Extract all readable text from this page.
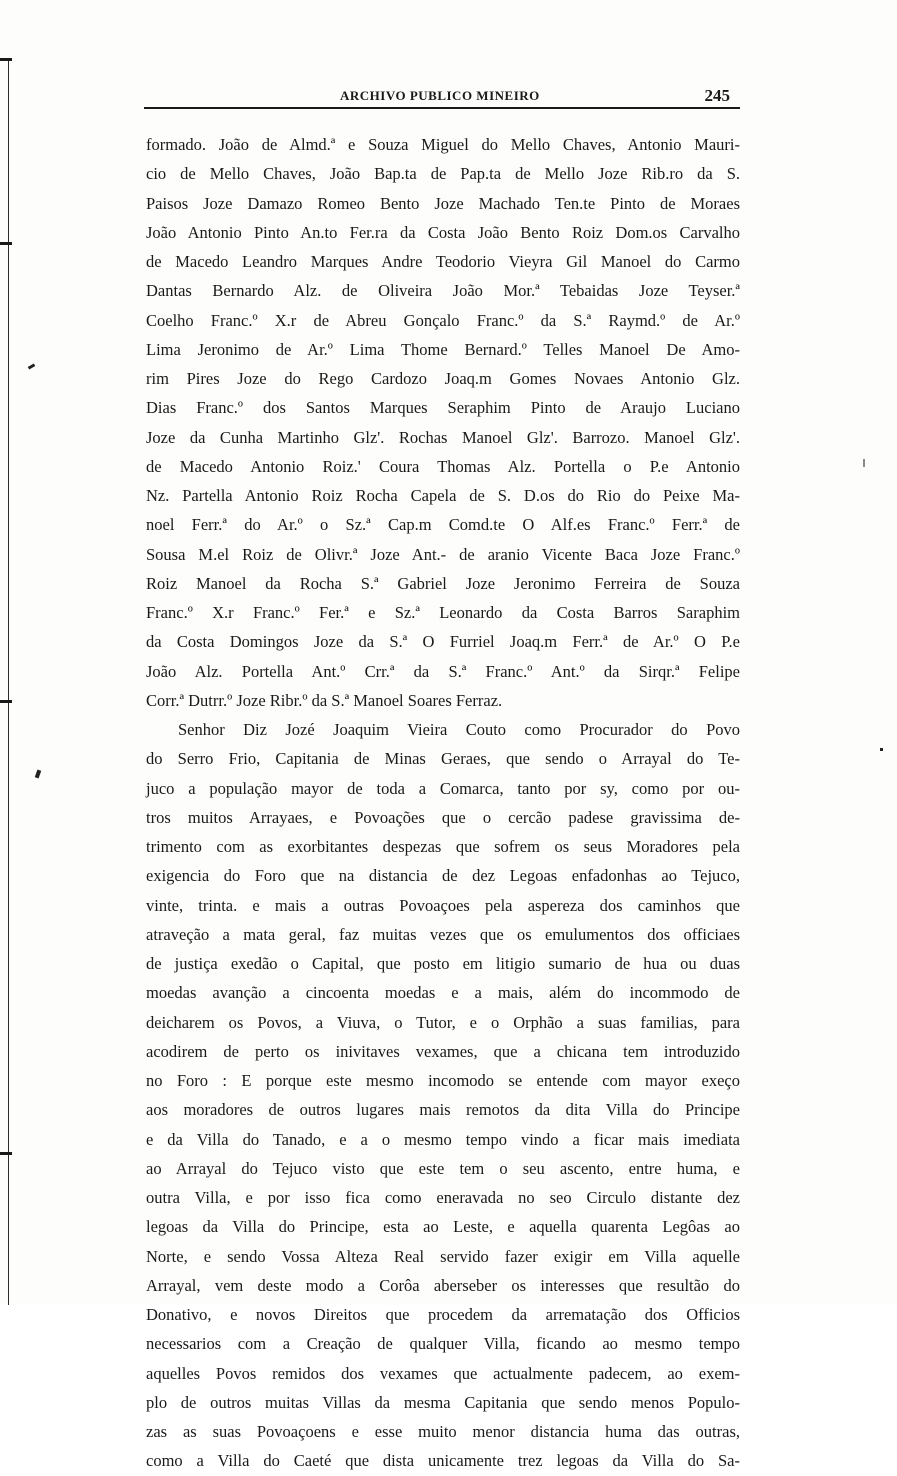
ARCHIVO PUBLICO MINEIRO	245
formado. João de Almd.ª e Souza Miguel do Mello Chaves, Antonio Mauri-
cio de Mello Chaves, João Bap.ta de Pap.ta de Mello Joze Rib.ro da S.
Paisos Joze Damazo Romeo Bento Joze Machado Ten.te Pinto de Moraes
João Antonio Pinto An.to Fer.ra da Costa João Bento Roiz Dom.os Carvalho
de Macedo Leandro Marques Andre Teodorio Vieyra Gil Manoel do Carmo
Dantas Bernardo Alz. de Oliveira João Mor.ª Tebaidas Joze Teyser.ª
Coelho Franc.º X.r de Abreu Gonçalo Franc.º da S.ª Raymd.º de Ar.º
Lima Jeronimo de Ar.º Lima Thome Bernard.º Telles Manoel De Amo-
rim Pires Joze do Rego Cardozo Joaq.m Gomes Novaes Antonio Glz.
Dias Franc.º dos Santos Marques Seraphim Pinto de Araujo Luciano
Joze da Cunha Martinho Glz'. Rochas Manoel Glz'. Barrozo. Manoel Glz'.
de Macedo Antonio Roiz.' Coura Thomas Alz. Portella o P.e Antonio
Nz. Partella Antonio Roiz Rocha Capela de S. D.os do Rio do Peixe Ma-
noel Ferr.ª do Ar.º o Sz.ª Cap.m Comd.te O Alf.es Franc.º Ferr.ª de
Sousa M.el Roiz de Olivr.ª Joze Ant.- de aranio Vicente Baca Joze Franc.º
Roiz Manoel da Rocha S.ª Gabriel Joze Jeronimo Ferreira de Souza
Franc.º X.r Franc.º Fer.ª e Sz.ª Leonardo da Costa Barros Saraphim
da Costa Domingos Joze da S.ª O Furriel Joaq.m Ferr.ª de Ar.º O P.e
João Alz. Portella Ant.º Crr.ª da S.ª Franc.º Ant.º da Sirqr.ª Felipe
Corr.ª Dutrr.º Joze Ribr.º da S.ª Manoel Soares Ferraz.
Senhor Diz Jozé Joaquim Vieira Couto como Procurador do Povo
do Serro Frio, Capitania de Minas Geraes, que sendo o Arrayal do Te-
juco a população mayor de toda a Comarca, tanto por sy, como por ou-
tros muitos Arrayaes, e Povoações que o cercão padese gravissima de-
trimento com as exorbitantes despezas que sofrem os seus Moradores pela
exigencia do Foro que na distancia de dez Legoas enfadonhas ao Tejuco,
vinte, trinta. e mais a outras Povoaçoes pela aspereza dos caminhos que
atraveção a mata geral, faz muitas vezes que os emulumentos dos officiaes
de justiça exedão o Capital, que posto em litigio sumario de hua ou duas
moedas avanção a cincoenta moedas e a mais, além do incommodo de
deicharem os Povos, a Viuva, o Tutor, e o Orphão a suas familias, para
acodirem de perto os inivitaves vexames, que a chicana tem introduzido
no Foro : E porque este mesmo incomodo se entende com mayor exeço
aos moradores de outros lugares mais remotos da dita Villa do Principe
e da Villa do Tanado, e a o mesmo tempo vindo a ficar mais imediata
ao Arrayal do Tejuco visto que este tem o seu ascento, entre huma, e
outra Villa, e por isso fica como eneravada no seo Circulo distante dez
legoas da Villa do Principe, esta ao Leste, e aquella quarenta Legôas ao
Norte, e sendo Vossa Alteza Real servido fazer exigir em Villa aquelle
Arrayal, vem deste modo a Corôa aberseber os interesses que resultão do
Donativo, e novos Direitos que procedem da arrematação dos Officios
necessarios com a Creação de qualquer Villa, ficando ao mesmo tempo
aquelles Povos remidos dos vexames que actualmente padecem, ao exem-
plo de outros muitas Villas da mesma Capitania que sendo menos Populo-
zas as suas Povoaçoens e esse muito menor distancia huma das outras,
como a Villa do Caeté que dista unicamente trez legoas da Villa do Sa-
